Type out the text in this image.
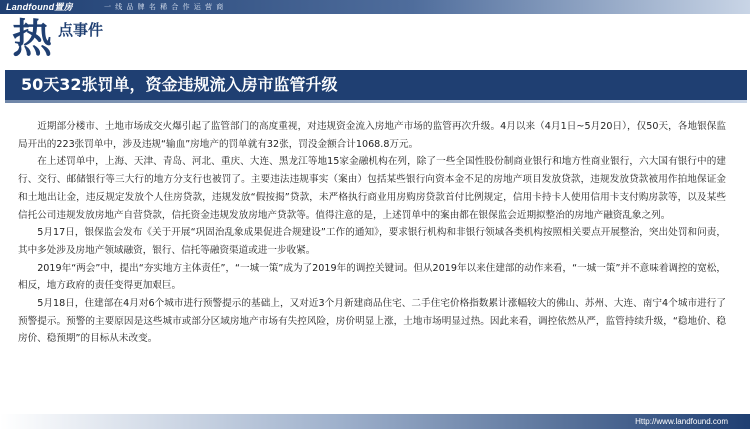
Landfound置房	一 线 品 牌 名 稀 合 作 运 营 商
热 点事件
50天32张罚单，资金违规流入房市监管升级

近期部分楼市、土地市场成交火爆引起了监管部门的高度重视，对违规资金流入房地产市场的监管再次升级。4月以来（4月1日~5月20日），仅50天，各地银保监局开出的223张罚单中，涉及违规“输血”房地产的罚单就有32张，罚没金额合计1068.8万元。

在上述罚单中，上海、天津、青岛、河北、重庆、大连、黑龙江等地15家金融机构在列，除了一些全国性股份制商业银行和地方性商业银行，六大国有银行中的建行、交行、邮储银行等三大行的地方分支行也被罚了。主要违法违规事实（案由）包括某些银行向资本金不足的房地产项目发放贷款，违规发放贷款被用作拍地保证金和土地出让金，违反规定发放个人住房贷款，违规发放“假按揭”贷款，未严格执行商业用房购房贷款首付比例规定，信用卡持卡人使用信用卡支付购房款等，以及某些信托公司违规发放房地产自营贷款，信托资金违规发放房地产贷款等。值得注意的是，上述罚单中的案由都在银保监会近期拟整治的房地产融资乱象之列。

5月17日，银保监会发布《关于开展“巩固治乱象成果促进合规建设”工作的通知》，要求银行机构和非银行领域各类机构按照相关要点开展整治，突出处罚和问责，其中多处涉及房地产领域融资，银行、信托等融资渠道或进一步收紧。

2019年“两会”中，提出“夯实地方主体责任”，“一城一策”成为了2019年的调控关键词。但从2019年以来住建部的动作来看，“一城一策”并不意味着调控的宽松，相反，地方政府的责任变得更加艰巨。

5月18日，住建部在4月对6个城市进行预警提示的基础上，又对近3个月新建商品住宅、二手住宅价格指数累计涨幅较大的佛山、苏州、大连、南宁4个城市进行了预警提示。预警的主要原因是这些城市或部分区域房地产市场有失控风险，房价明显上涨，土地市场明显过热。因此来看，调控依然从严，监管持续升级，“稳地价、稳房价、稳预期”的目标从未改变。

Http://www.landfound.com
